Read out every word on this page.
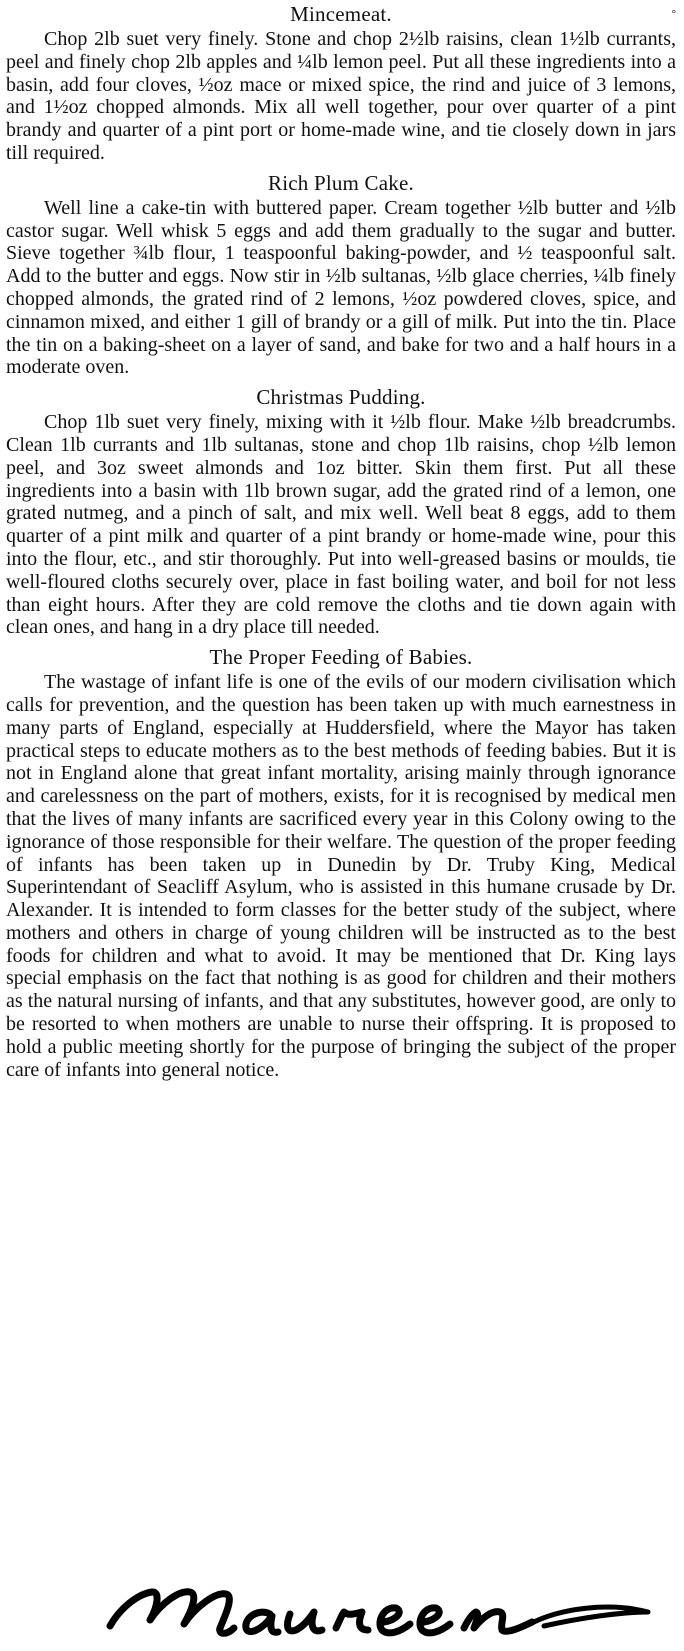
°
Mincemeat.

Chop 2lb suet very finely. Stone and chop 2½lb raisins, clean 1½lb currants, peel and finely chop 2lb apples and ¼lb lemon peel. Put all these ingredients into a basin, add four cloves, ½oz mace or mixed spice, the rind and juice of 3 lemons, and 1½oz chopped almonds. Mix all well together, pour over quarter of a pint brandy and quarter of a pint port or home-made wine, and tie closely down in jars till required.

Rich Plum Cake.

Well line a cake-tin with buttered paper. Cream together ½lb butter and ½lb castor sugar. Well whisk 5 eggs and add them gradually to the sugar and butter. Sieve together ¾lb flour, 1 teaspoonful baking-powder, and ½ teaspoonful salt. Add to the butter and eggs. Now stir in ½lb sultanas, ½lb glace cherries, ¼lb finely chopped almonds, the grated rind of 2 lemons, ½oz powdered cloves, spice, and cinnamon mixed, and either 1 gill of brandy or a gill of milk. Put into the tin. Place the tin on a baking-sheet on a layer of sand, and bake for two and a half hours in a moderate oven.

Christmas Pudding.

Chop 1lb suet very finely, mixing with it ½lb flour. Make ½lb breadcrumbs. Clean 1lb currants and 1lb sultanas, stone and chop 1lb raisins, chop ½lb lemon peel, and 3oz sweet almonds and 1oz bitter. Skin them first. Put all these ingredients into a basin with 1lb brown sugar, add the grated rind of a lemon, one grated nutmeg, and a pinch of salt, and mix well. Well beat 8 eggs, add to them quarter of a pint milk and quarter of a pint brandy or home-made wine, pour this into the flour, etc., and stir thoroughly. Put into well-greased basins or moulds, tie well-floured cloths securely over, place in fast boiling water, and boil for not less than eight hours. After they are cold remove the cloths and tie down again with clean ones, and hang in a dry place till needed.

The Proper Feeding of Babies.

The wastage of infant life is one of the evils of our modern civilisation which calls for prevention, and the question has been taken up with much earnestness in many parts of England, especially at Huddersfield, where the Mayor has taken practical steps to educate mothers as to the best methods of feeding babies. But it is not in England alone that great infant mortality, arising mainly through ignorance and carelessness on the part of mothers, exists, for it is recognised by medical men that the lives of many infants are sacrificed every year in this Colony owing to the ignorance of those responsible for their welfare. The question of the proper feeding of infants has been taken up in Dunedin by Dr. Truby King, Medical Superintendant of Seacliff Asylum, who is assisted in this humane crusade by Dr. Alexander. It is intended to form classes for the better study of the subject, where mothers and others in charge of young children will be instructed as to the best foods for children and what to avoid. It may be mentioned that Dr. King lays special emphasis on the fact that nothing is as good for children and their mothers as the natural nursing of infants, and that any substitutes, however good, are only to be resorted to when mothers are unable to nurse their offspring. It is proposed to hold a public meeting shortly for the purpose of bringing the subject of the proper care of infants into general notice.
